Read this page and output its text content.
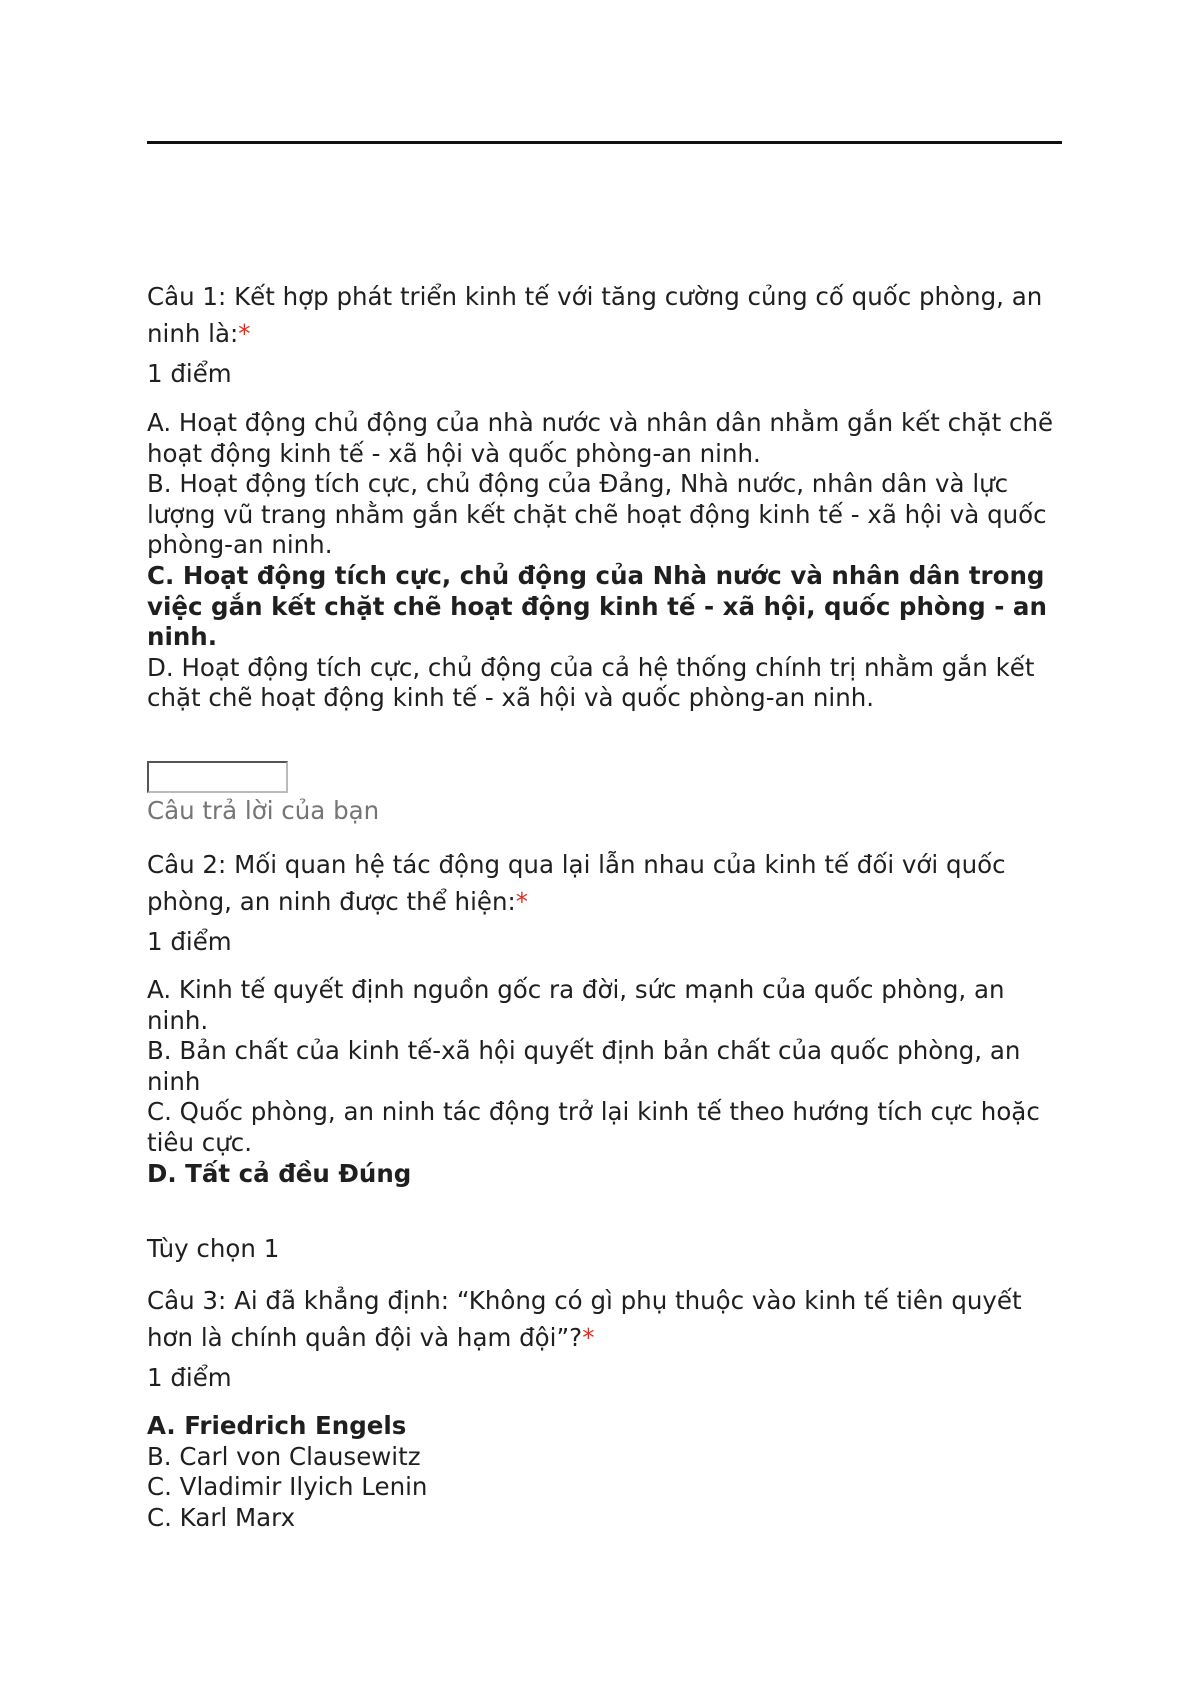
Câu 1: Kết hợp phát triển kinh tế với tăng cường củng cố quốc phòng, an ninh là:*
1 điểm
A. Hoạt động chủ động của nhà nước và nhân dân nhằm gắn kết chặt chẽ hoạt động kinh tế - xã hội và quốc phòng-an ninh.
B. Hoạt động tích cực, chủ động của Đảng, Nhà nước, nhân dân và lực lượng vũ trang nhằm gắn kết chặt chẽ hoạt động kinh tế - xã hội và quốc phòng-an ninh.
C. Hoạt động tích cực, chủ động của Nhà nước và nhân dân trong việc gắn kết chặt chẽ hoạt động kinh tế - xã hội, quốc phòng - an ninh.
D. Hoạt động tích cực, chủ động của cả hệ thống chính trị nhằm gắn kết chặt chẽ hoạt động kinh tế - xã hội và quốc phòng-an ninh.
Câu trả lời của bạn
Câu 2: Mối quan hệ tác động qua lại lẫn nhau của kinh tế đối với quốc phòng, an ninh được thể hiện:*
1 điểm
A. Kinh tế quyết định nguồn gốc ra đời, sức mạnh của quốc phòng, an ninh.
B. Bản chất của kinh tế-xã hội quyết định bản chất của quốc phòng, an ninh
C. Quốc phòng, an ninh tác động trở lại kinh tế theo hướng tích cực hoặc tiêu cực.
D. Tất cả đều Đúng
Tùy chọn 1
Câu 3: Ai đã khẳng định: “Không có gì phụ thuộc vào kinh tế tiên quyết hơn là chính quân đội và hạm đội”?*
1 điểm
A. Friedrich Engels
B. Carl von Clausewitz
C. Vladimir Ilyich Lenin
C. Karl Marx
